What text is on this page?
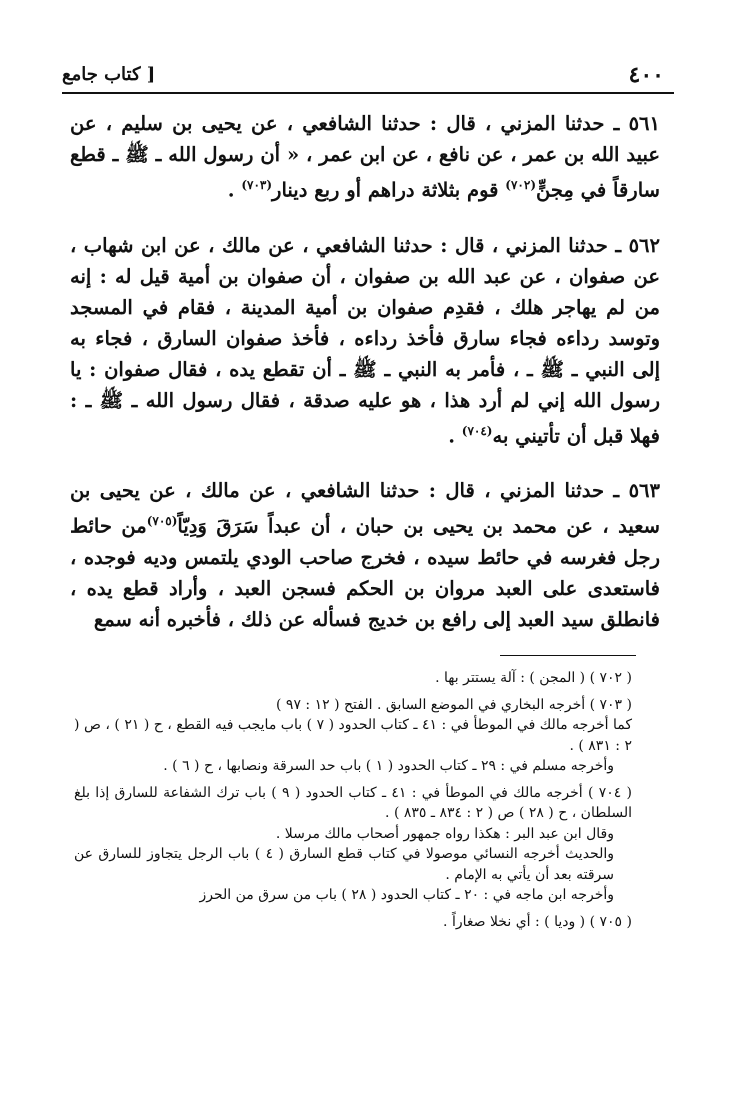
٤٠٠
[ كتاب جامع

٥٦١ ـ حدثنا المزني ، قال : حدثنا الشافعي ، عن يحيى بن سليم ، عن عبيد الله بن عمر ، عن نافع ، عن ابن عمر ، « أن رسول الله ـ ﷺ ـ قطع سارقاً في مِجنٍّ$^{(٧٠٢)}$ قوم بثلاثة دراهم أو ربع دينار$^{(٧٠٣)}$ .

٥٦٢ ـ حدثنا المزني ، قال : حدثنا الشافعي ، عن مالك ، عن ابن شهاب ، عن صفوان ، عن عبد الله بن صفوان ، أن صفوان بن أمية قيل له : إنه من لم يهاجر هلك ، فقدِم صفوان بن أمية المدينة ، فقام في المسجد وتوسد رداءه فجاء سارق فأخذ رداءه ، فأخذ صفوان السارق ، فجاء به إلى النبي ـ ﷺ ـ ، فأمر به النبي ـ ﷺ ـ أن تقطع يده ، فقال صفوان : يا رسول الله إني لم أرد هذا ، هو عليه صدقة ، فقال رسول الله ـ ﷺ ـ : فهلا قبل أن تأتيني به$^{(٧٠٤)}$ .

٥٦٣ ـ حدثنا المزني ، قال : حدثنا الشافعي ، عن مالك ، عن يحيى بن سعيد ، عن محمد بن يحيى بن حبان ، أن عبداً سَرَقَ وَدِيّاً$^{(٧٠٥)}$من حائط رجل فغرسه في حائط سيده ، فخرج صاحب الودي يلتمس وديه فوجده ، فاستعدى على العبد مروان بن الحكم فسجن العبد ، وأراد قطع يده ، فانطلق سيد العبد إلى رافع بن خديج فسأله عن ذلك ، فأخبره أنه سمع

( ٧٠٢ ) ( المجن ) : آلة يستتر بها .
( ٧٠٣ ) أخرجه البخاري في الموضع السابق . الفتح ( ١٢ : ٩٧ )
كما أخرجه مالك في الموطأ في : ٤١ ـ كتاب الحدود ( ٧ ) باب مايجب فيه القطع ، ح ( ٢١ ) ، ص ( ٢ : ٨٣١ ) .
وأخرجه مسلم في : ٢٩ ـ كتاب الحدود ( ١ ) باب حد السرقة ونصابها ، ح ( ٦ ) .
( ٧٠٤ ) أخرجه مالك في الموطأ في : ٤١ ـ كتاب الحدود ( ٩ ) باب ترك الشفاعة للسارق إذا بلغ السلطان ، ح ( ٢٨ ) ص ( ٢ : ٨٣٤ ـ ٨٣٥ ) .
وقال ابن عبد البر : هكذا رواه جمهور أصحاب مالك مرسلا .
والحديث أخرجه النسائي موصولا في كتاب قطع السارق ( ٤ ) باب الرجل يتجاوز للسارق عن سرقته بعد أن يأتي به الإمام .
وأخرجه ابن ماجه في : ٢٠ ـ كتاب الحدود ( ٢٨ ) باب من سرق من الحرز
( ٧٠٥ ) ( وديا ) : أي نخلا صغاراً .
